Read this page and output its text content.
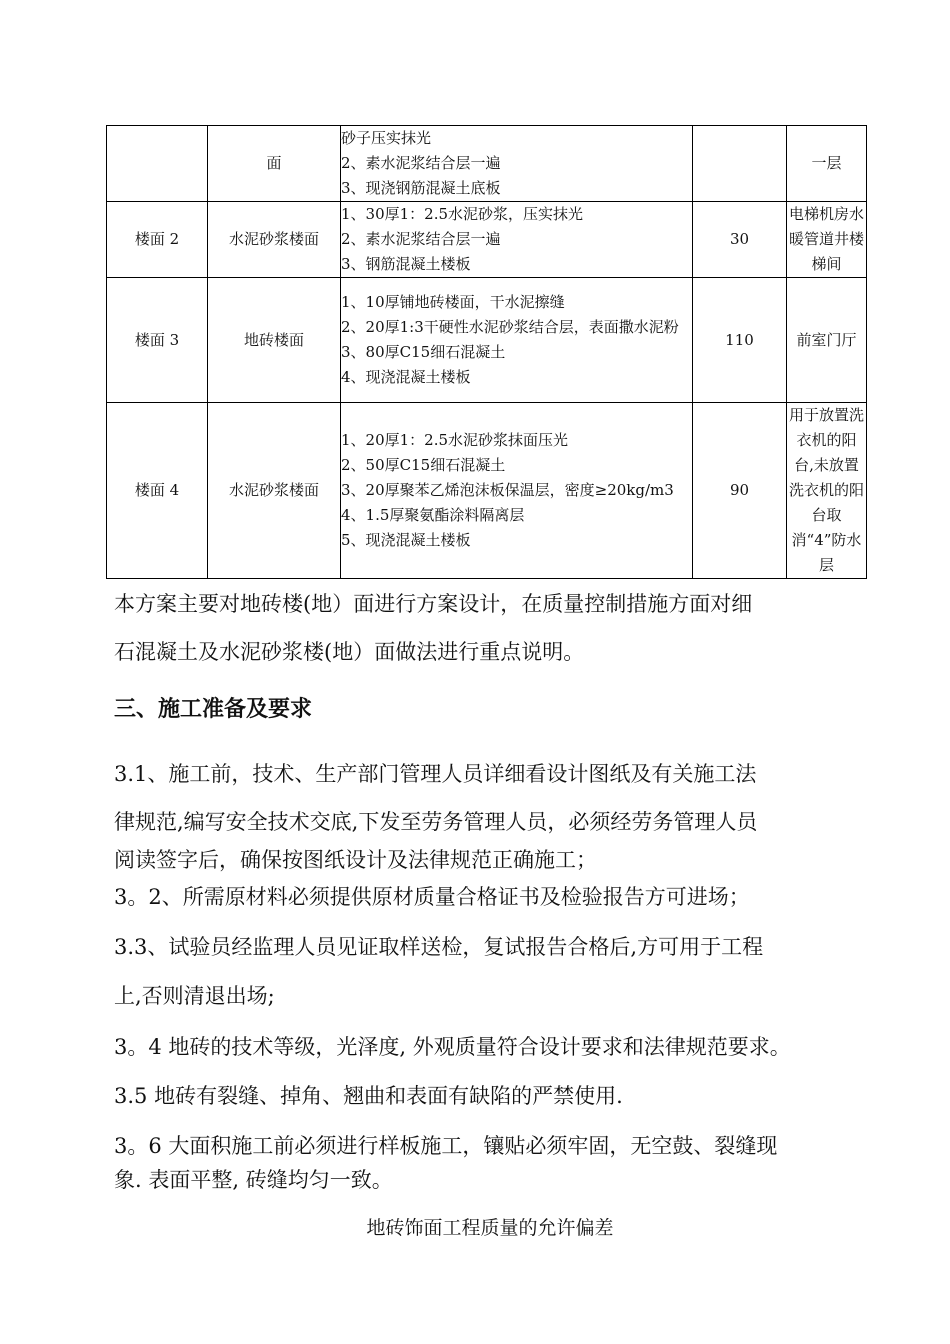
	面	砂子压实抹光
2、素水泥浆结合层一遍
3、现浇钢筋混凝土底板		一层
楼面 2	水泥砂浆楼面	1、30厚1：2.5水泥砂浆，压实抹光
2、素水泥浆结合层一遍
3、钢筋混凝土楼板	30	电梯机房水暖管道井楼梯间
楼面 3	地砖楼面	1、10厚铺地砖楼面，干水泥擦缝
2、20厚1:3干硬性水泥砂浆结合层，表面撒水泥粉
3、80厚C15细石混凝土
4、现浇混凝土楼板	110	前室门厅
楼面 4	水泥砂浆楼面	1、20厚1：2.5水泥砂浆抹面压光
2、50厚C15细石混凝土
3、20厚聚苯乙烯泡沫板保温层，密度≥20kg/m3
4、1.5厚聚氨酯涂料隔离层
5、现浇混凝土楼板	90	用于放置洗衣机的阳台,未放置洗衣机的阳台取消“4”防水层

本方案主要对地砖楼(地）面进行方案设计，在质量控制措施方面对细

石混凝土及水泥砂浆楼(地）面做法进行重点说明。

三、施工准备及要求

3.1、施工前，技术、生产部门管理人员详细看设计图纸及有关施工法

律规范,编写安全技术交底,下发至劳务管理人员，必须经劳务管理人员

阅读签字后，确保按图纸设计及法律规范正确施工；

3。2、所需原材料必须提供原材质量合格证书及检验报告方可进场；

3.3、试验员经监理人员见证取样送检，复试报告合格后,方可用于工程

上,否则清退出场;

3。4 地砖的技术等级，光泽度, 外观质量符合设计要求和法律规范要求。

3.5 地砖有裂缝、掉角、翘曲和表面有缺陷的严禁使用.

3。6 大面积施工前必须进行样板施工，镶贴必须牢固，无空鼓、裂缝现

象. 表面平整, 砖缝均匀一致。

地砖饰面工程质量的允许偏差
